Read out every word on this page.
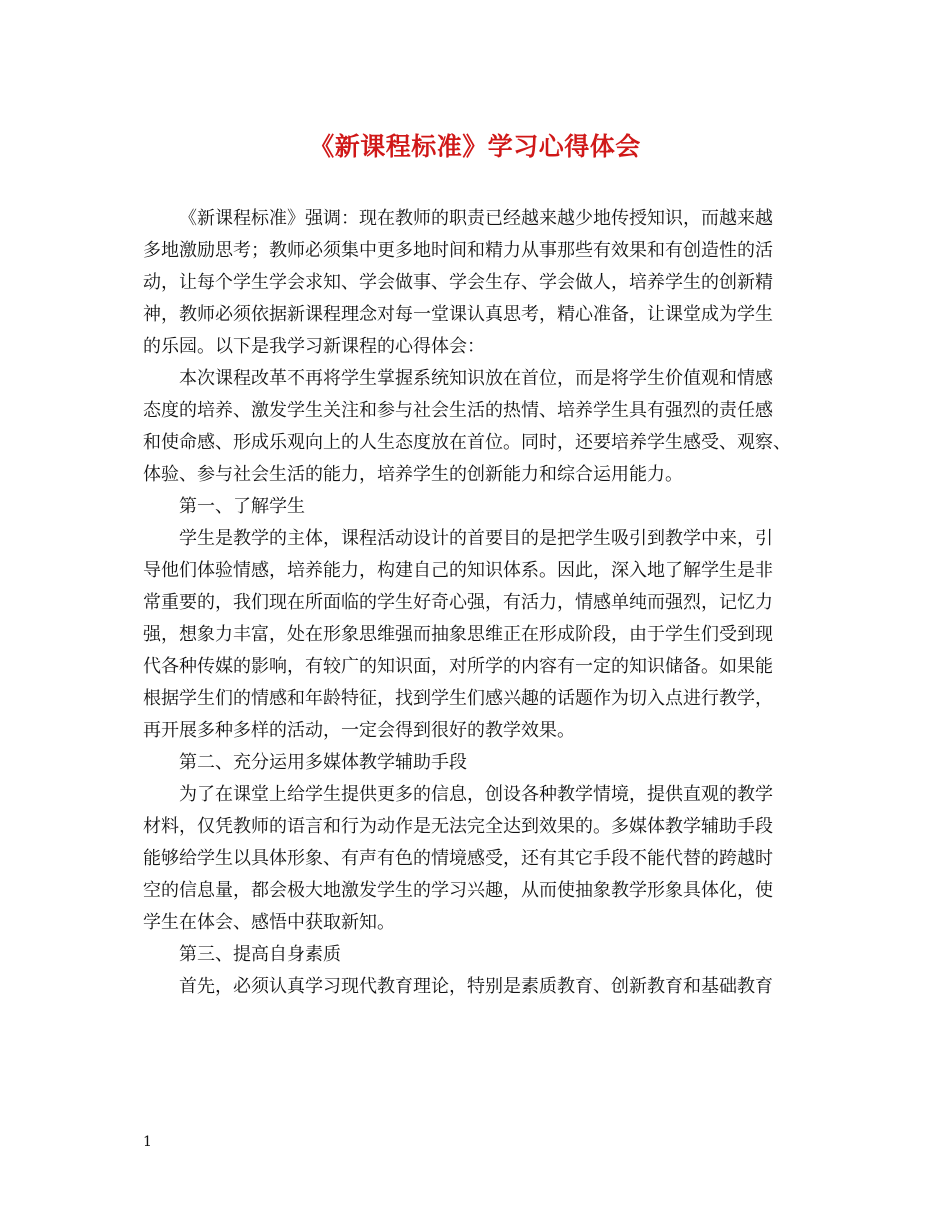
《新课程标准》学习心得体会

《新课程标准》强调：现在教师的职责已经越来越少地传授知识，而越来越
多地激励思考；教师必须集中更多地时间和精力从事那些有效果和有创造性的活
动，让每个学生学会求知、学会做事、学会生存、学会做人，培养学生的创新精
神，教师必须依据新课程理念对每一堂课认真思考，精心准备，让课堂成为学生
的乐园。以下是我学习新课程的心得体会：

本次课程改革不再将学生掌握系统知识放在首位，而是将学生价值观和情感
态度的培养、激发学生关注和参与社会生活的热情、培养学生具有强烈的责任感
和使命感、形成乐观向上的人生态度放在首位。同时，还要培养学生感受、观察、
体验、参与社会生活的能力，培养学生的创新能力和综合运用能力。

第一、了解学生

学生是教学的主体，课程活动设计的首要目的是把学生吸引到教学中来，引
导他们体验情感，培养能力，构建自己的知识体系。因此，深入地了解学生是非
常重要的，我们现在所面临的学生好奇心强，有活力，情感单纯而强烈，记忆力
强，想象力丰富，处在形象思维强而抽象思维正在形成阶段，由于学生们受到现
代各种传媒的影响，有较广的知识面，对所学的内容有一定的知识储备。如果能
根据学生们的情感和年龄特征，找到学生们感兴趣的话题作为切入点进行教学，
再开展多种多样的活动，一定会得到很好的教学效果。

第二、充分运用多媒体教学辅助手段

为了在课堂上给学生提供更多的信息，创设各种教学情境，提供直观的教学
材料，仅凭教师的语言和行为动作是无法完全达到效果的。多媒体教学辅助手段
能够给学生以具体形象、有声有色的情境感受，还有其它手段不能代替的跨越时
空的信息量，都会极大地激发学生的学习兴趣，从而使抽象教学形象具体化，使
学生在体会、感悟中获取新知。

第三、提高自身素质

首先，必须认真学习现代教育理论，特别是素质教育、创新教育和基础教育

1
